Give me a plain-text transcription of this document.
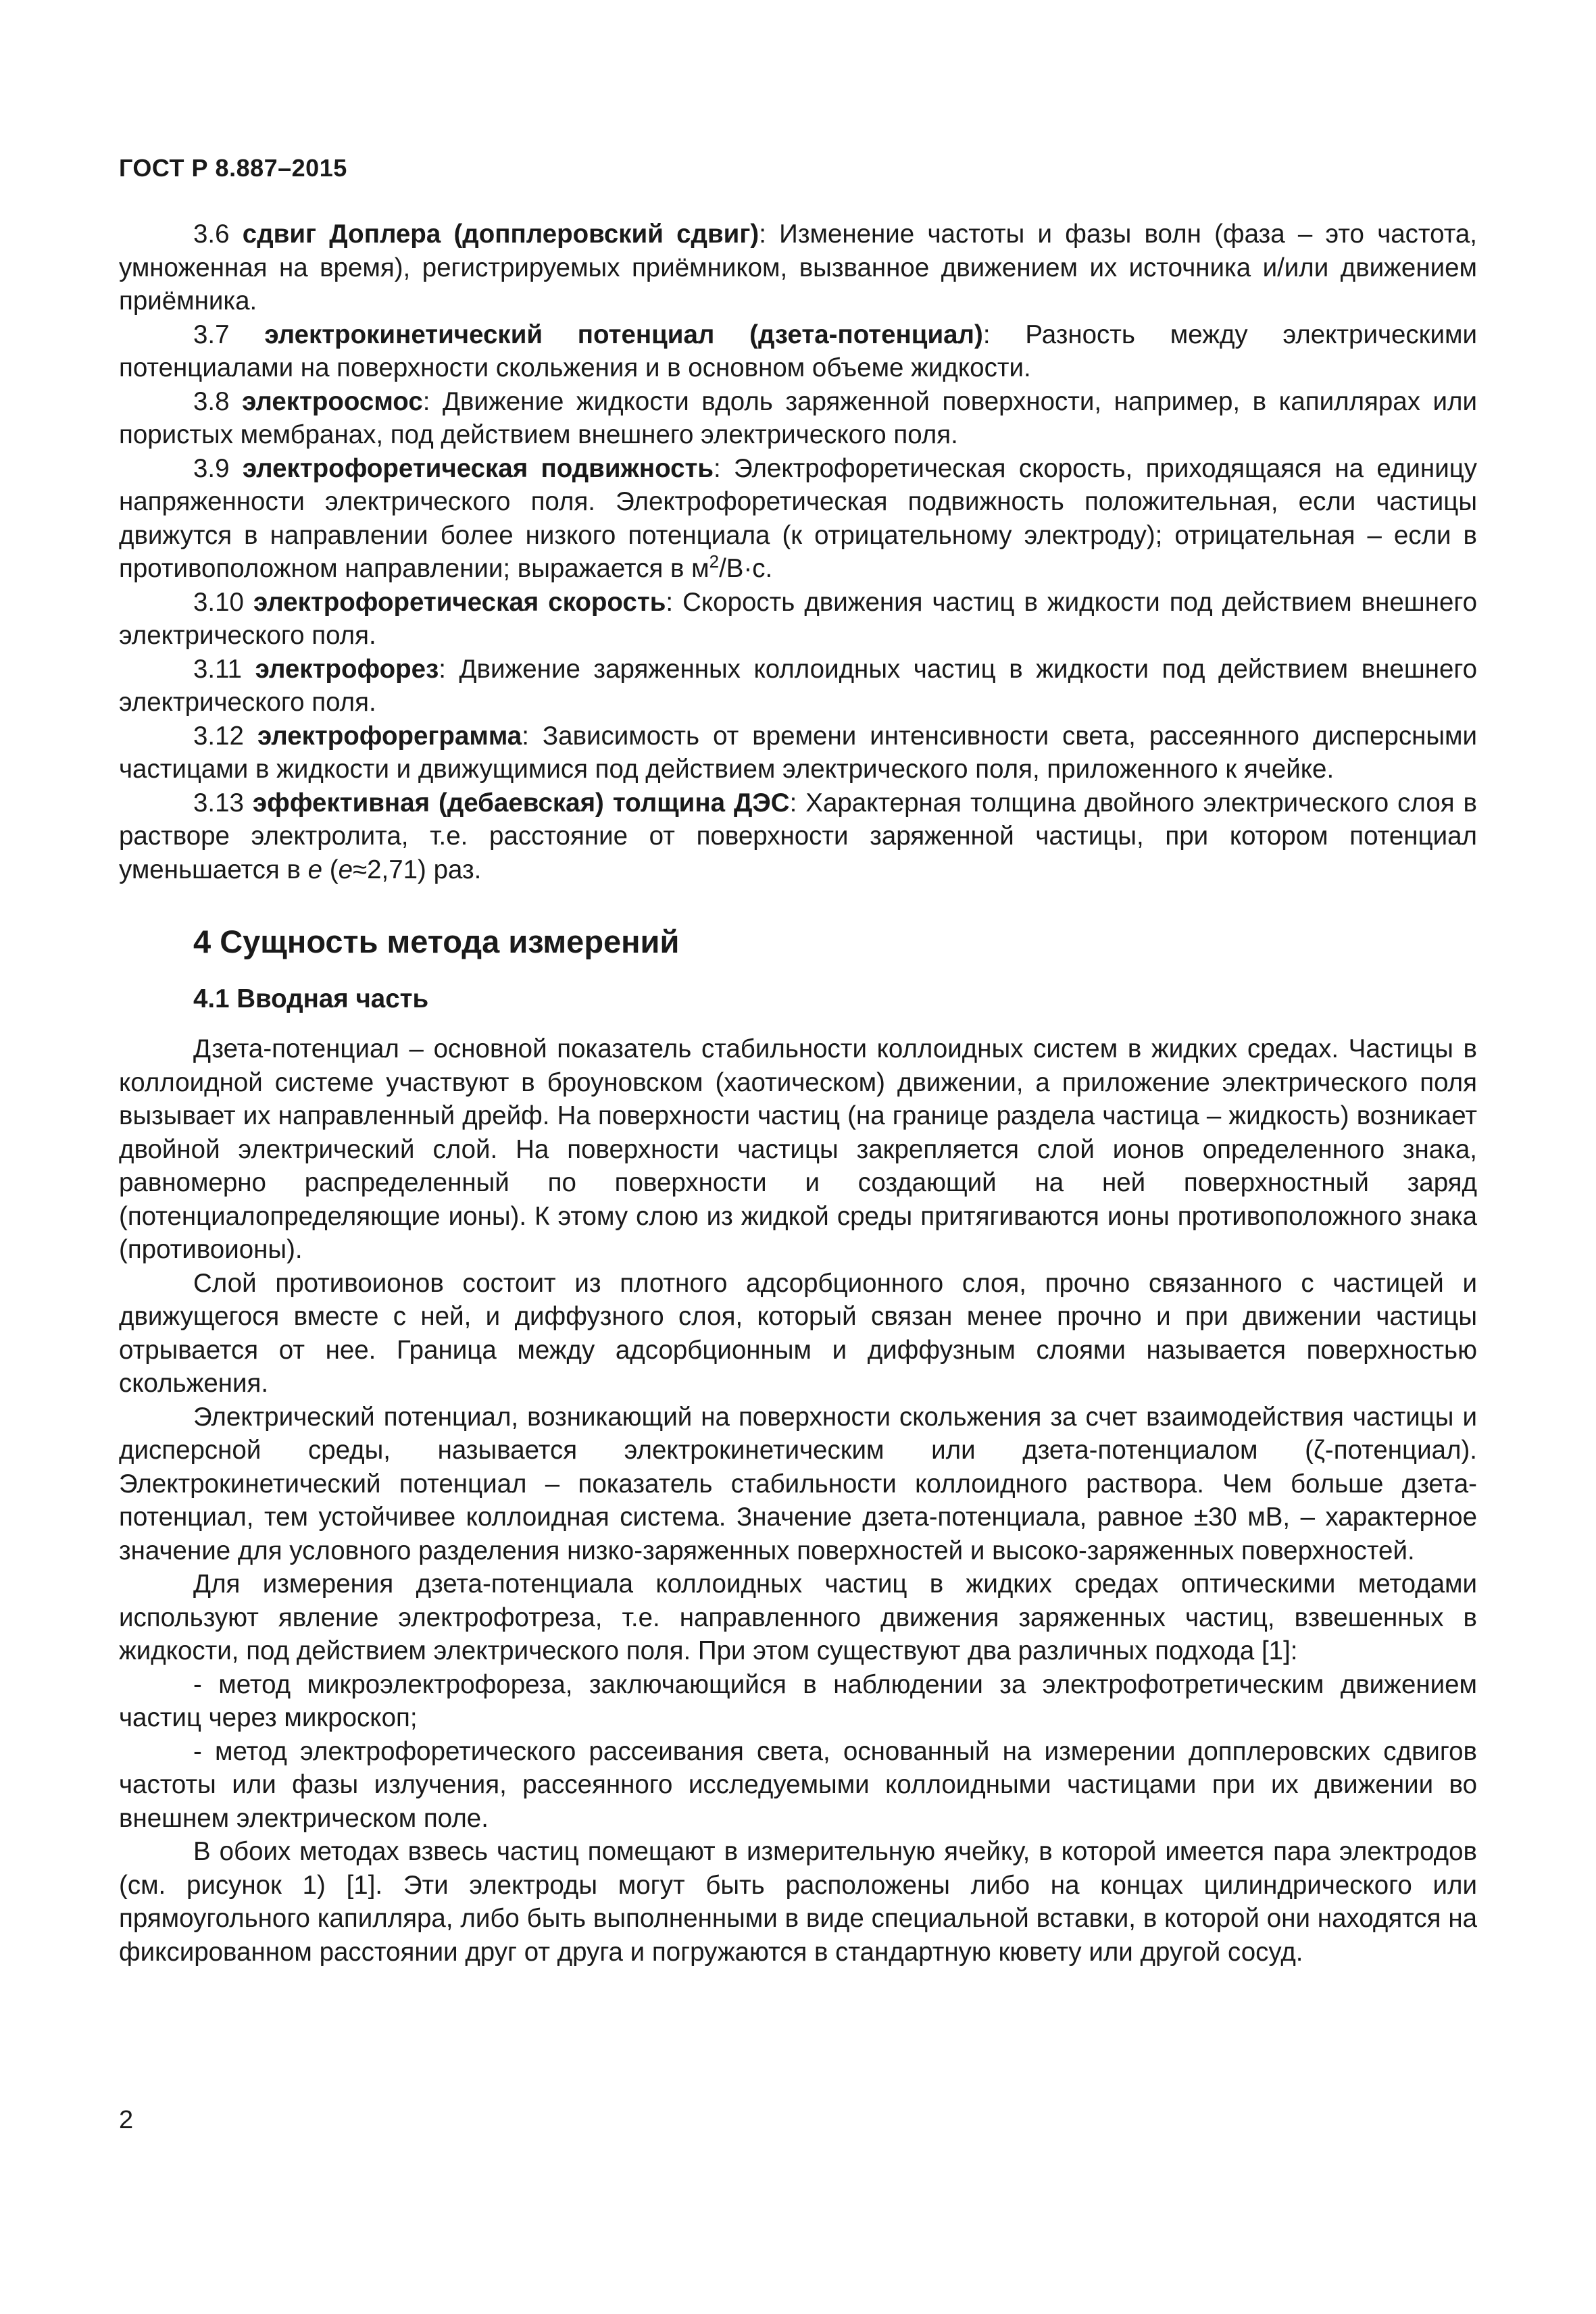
ГОСТ Р 8.887–2015

3.6 сдвиг Доплера (допплеровский сдвиг): Изменение частоты и фазы волн (фаза – это частота, умноженная на время), регистрируемых приёмником, вызванное движением их источника и/или движением приёмника.

3.7 электрокинетический потенциал (дзета-потенциал): Разность между электрическими потенциалами на поверхности скольжения и в основном объеме жидкости.

3.8 электроосмос: Движение жидкости вдоль заряженной поверхности, например, в капиллярах или пористых мембранах, под действием внешнего электрического поля.

3.9 электрофоретическая подвижность: Электрофоретическая скорость, приходящаяся на единицу напряженности электрического поля. Электрофоретическая подвижность положительная, если частицы движутся в направлении более низкого потенциала (к отрицательному электроду); отрицательная – если в противоположном направлении; выражается в $м^2/В\cdot с$.

3.10 электрофоретическая скорость: Скорость движения частиц в жидкости под действием внешнего электрического поля.

3.11 электрофорез: Движение заряженных коллоидных частиц в жидкости под действием внешнего электрического поля.

3.12 электрофореграмма: Зависимость от времени интенсивности света, рассеянного дисперсными частицами в жидкости и движущимися под действием электрического поля, приложенного к ячейке.

3.13 эффективная (дебаевская) толщина ДЭС: Характерная толщина двойного электрического слоя в растворе электролита, т.е. расстояние от поверхности заряженной частицы, при котором потенциал уменьшается в e (e≈2,71) раз.

4 Сущность метода измерений
4.1 Вводная часть

Дзета-потенциал – основной показатель стабильности коллоидных систем в жидких средах. Частицы в коллоидной системе участвуют в броуновском (хаотическом) движении, а приложение электрического поля вызывает их направленный дрейф. На поверхности частиц (на границе раздела частица – жидкость) возникает двойной электрический слой. На поверхности частицы закрепляется слой ионов определенного знака, равномерно распределенный по поверхности и создающий на ней поверхностный заряд (потенциалопределяющие ионы). К этому слою из жидкой среды притягиваются ионы противоположного знака (противоионы).

Слой противоионов состоит из плотного адсорбционного слоя, прочно связанного с частицей и движущегося вместе с ней, и диффузного слоя, который связан менее прочно и при движении частицы отрывается от нее. Граница между адсорбционным и диффузным слоями называется поверхностью скольжения.

Электрический потенциал, возникающий на поверхности скольжения за счет взаимодействия частицы и дисперсной среды, называется электрокинетическим или дзета-потенциалом (ζ-потенциал). Электрокинетический потенциал – показатель стабильности коллоидного раствора. Чем больше дзета-потенциал, тем устойчивее коллоидная система. Значение дзета-потенциала, равное ±30 мВ, – характерное значение для условного разделения низко-заряженных поверхностей и высоко-заряженных поверхностей.

Для измерения дзета-потенциала коллоидных частиц в жидких средах оптическими методами используют явление электрофотреза, т.е. направленного движения заряженных частиц, взвешенных в жидкости, под действием электрического поля. При этом существуют два различных подхода [1]:

- метод микроэлектрофореза, заключающийся в наблюдении за электрофотретическим движением частиц через микроскоп;

- метод электрофоретического рассеивания света, основанный на измерении допплеровских сдвигов частоты или фазы излучения, рассеянного исследуемыми коллоидными частицами при их движении во внешнем электрическом поле.

В обоих методах взвесь частиц помещают в измерительную ячейку, в которой имеется пара электродов (см. рисунок 1) [1]. Эти электроды могут быть расположены либо на концах цилиндрического или прямоугольного капилляра, либо быть выполненными в виде специальной вставки, в которой они находятся на фиксированном расстоянии друг от друга и погружаются в стандартную кювету или другой сосуд.

2
